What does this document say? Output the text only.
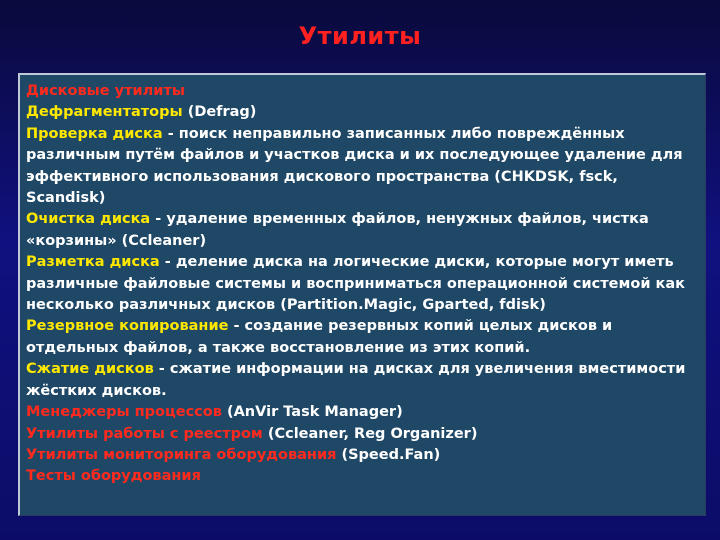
Утилиты

Дисковые утилиты

Дефрагментаторы (Defrag)

Проверка диска - поиск неправильно записанных либо повреждённых различным путём файлов и участков диска и их последующее удаление для эффективного использования дискового пространства (CHKDSK, fsck, Scandisk)

Очистка диска - удаление временных файлов, ненужных файлов, чистка «корзины» (Ccleaner)

Разметка диска - деление диска на логические диски, которые могут иметь различные файловые системы и восприниматься операционной системой как несколько различных дисков (Partition.Magic, Gparted, fdisk)

Резервное копирование - создание резервных копий целых дисков и отдельных файлов, а также восстановление из этих копий.

Сжатие дисков - сжатие информации на дисках для увеличения вместимости жёстких дисков.

Менеджеры процессов (AnVir Task Manager)

Утилиты работы с реестром (Ccleaner, Reg Organizer)

Утилиты мониторинга оборудования (Speed.Fan)

Тесты оборудования
